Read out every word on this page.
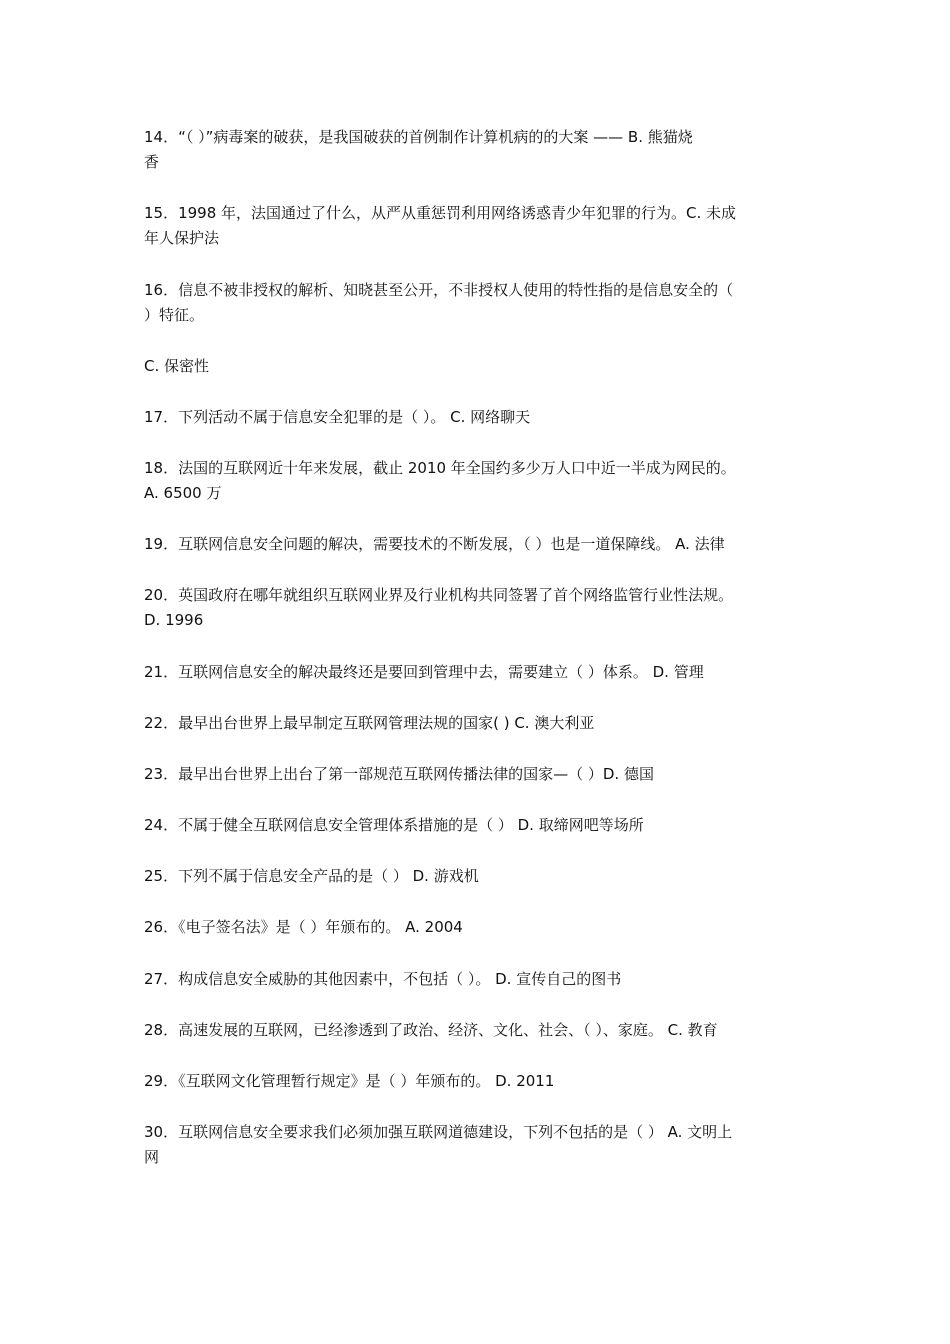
14．“（ ）”病毒案的破获，是我国破获的首例制作计算机病的的大案 —— B. 熊猫烧
香
15．1998 年，法国通过了什么，从严从重惩罚利用网络诱惑青少年犯罪的行为。C. 未成
年人保护法
16．信息不被非授权的解析、知晓甚至公开，不非授权人使用的特性指的是信息安全的（
）特征。
C. 保密性
17．下列活动不属于信息安全犯罪的是（ ）。 C. 网络聊天
18．法国的互联网近十年来发展，截止 2010 年全国约多少万人口中近一半成为网民的。
A. 6500 万
19．互联网信息安全问题的解决，需要技术的不断发展，（ ）也是一道保障线。 A. 法律
20．英国政府在哪年就组织互联网业界及行业机构共同签署了首个网络监管行业性法规。
D. 1996
21．互联网信息安全的解决最终还是要回到管理中去，需要建立（ ）体系。 D. 管理
22．最早出台世界上最早制定互联网管理法规的国家( ) C. 澳大利亚
23．最早出台世界上出台了第一部规范互联网传播法律的国家—（ ）D. 德国
24．不属于健全互联网信息安全管理体系措施的是（ ） D. 取缔网吧等场所
25．下列不属于信息安全产品的是（ ） D. 游戏机
26．《电子签名法》是（ ）年颁布的。 A. 2004
27．构成信息安全威胁的其他因素中，不包括（ ）。 D. 宣传自己的图书
28．高速发展的互联网，已经渗透到了政治、经济、文化、社会、（ ）、家庭。 C. 教育
29．《互联网文化管理暂行规定》是（ ）年颁布的。 D. 2011
30．互联网信息安全要求我们必须加强互联网道德建设，下列不包括的是（ ） A. 文明上
网
